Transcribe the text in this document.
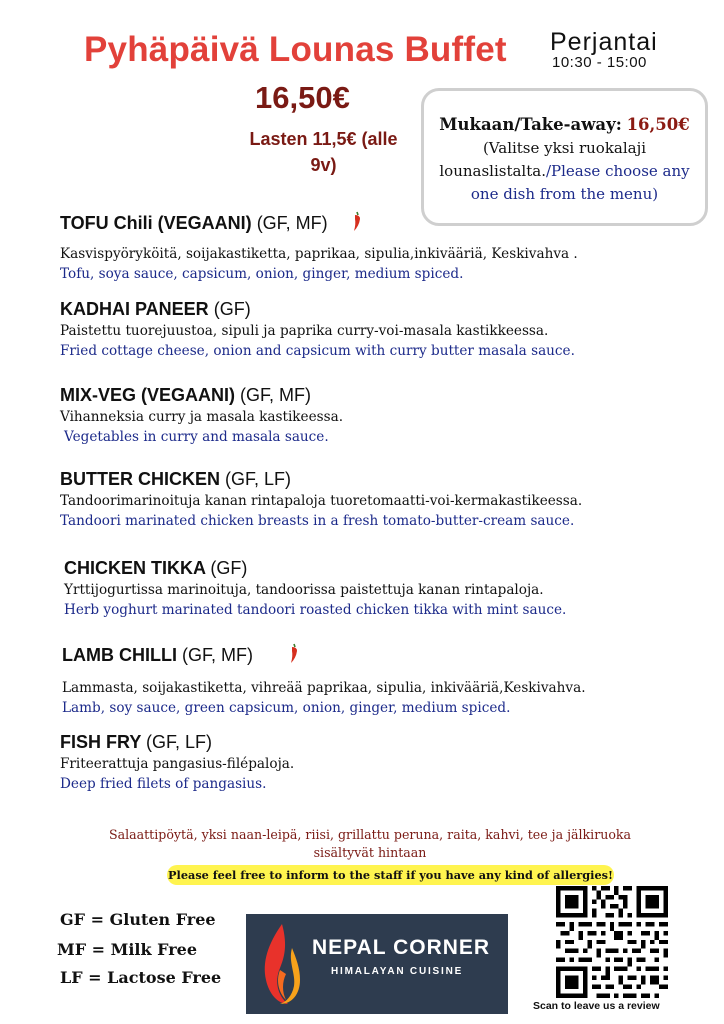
Pyhäpäivä Lounas Buffet Perjantai
10:30 - 15:00
16,50€
Lasten 11,5€ (alle 9v)
Mukaan/Take-away: 16,50€
(Valitse yksi ruokalaji lounaslistalta./Please choose any one dish from the menu)
TOFU Chili (VEGAANI) (GF, MF)
Kasvispyöryköitä, soijakastiketta, paprikaa, sipulia,inkivääriä, Keskivahva .
Tofu, soya sauce, capsicum, onion, ginger, medium spiced.
KADHAI PANEER (GF)
Paistettu tuorejuustoa, sipuli ja paprika curry-voi-masala kastikkeessa.
Fried cottage cheese, onion and capsicum with curry butter masala sauce.
MIX-VEG (VEGAANI) (GF, MF)
Vihanneksia curry ja masala kastikeessa.
Vegetables in curry and masala sauce.
BUTTER CHICKEN (GF, LF)
Tandoorimarinoituja kanan rintapaloja tuoretomaatti-voi-kermakastikeessa.
Tandoori marinated chicken breasts in a fresh tomato-butter-cream sauce.
CHICKEN TIKKA (GF)
Yrttijogurtissa marinoituja, tandoorissa paistettuja kanan rintapaloja.
Herb yoghurt marinated tandoori roasted chicken tikka with mint sauce.
LAMB CHILLI (GF, MF)
Lammasta, soijakastiketta, vihreää paprikaa, sipulia, inkivääriä,Keskivahva.
Lamb, soy sauce, green capsicum, onion, ginger, medium spiced.
FISH FRY (GF, LF)
Friteerattuja pangasius-filépaloja.
Deep fried filets of pangasius.
Salaattipöytä, yksi naan-leipä, riisi, grillattu peruna, raita, kahvi, tee ja jälkiruoka sisältyvät hintaan
Please feel free to inform to the staff if you have any kind of allergies!
GF = Gluten Free
MF = Milk Free
LF = Lactose Free
NEPAL CORNER
HIMALAYAN CUISINE
Scan to leave us a review
